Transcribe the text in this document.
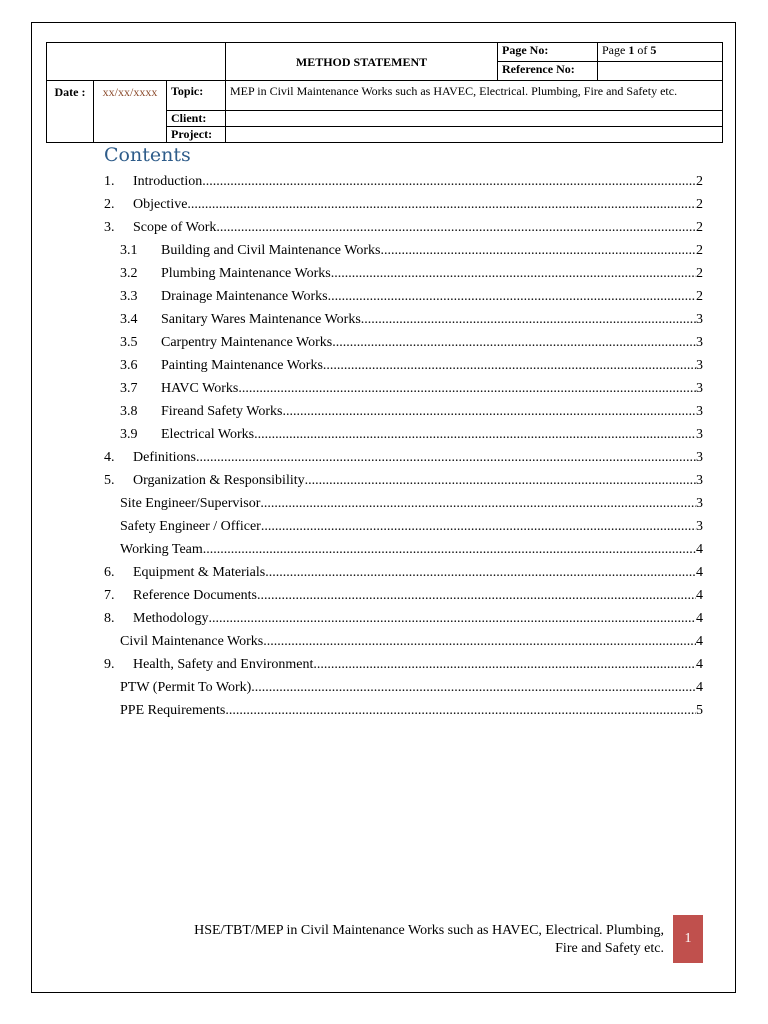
			METHOD STATEMENT	Page No:	Page 1 of 5
				Reference No:	
Date :	xx/xx/xxxx	Topic:	MEP in Civil Maintenance Works such as HAVEC, Electrical. Plumbing, Fire and Safety etc.		
		Client:			
		Project:			
Contents
1.	Introduction .....	2
2.	Objective .....	2
3.	Scope of Work .....	2
3.1	Building and Civil Maintenance Works .....	2
3.2	Plumbing Maintenance Works .....	2
3.3	Drainage Maintenance Works .....	2
3.4	Sanitary Wares Maintenance Works .....	3
3.5	Carpentry Maintenance Works .....	3
3.6	Painting Maintenance Works .....	3
3.7	HAVC Works .....	3
3.8	Fireand Safety Works .....	3
3.9	Electrical Works .....	3
4.	Definitions .....	3
5.	Organization & Responsibility .....	3
Site Engineer/Supervisor .....	3
Safety Engineer / Officer .....	3
Working Team .....	4
6.	Equipment & Materials .....	4
7.	Reference Documents .....	4
8.	Methodology .....	4
Civil Maintenance Works .....	4
9.	Health, Safety and Environment .....	4
PTW (Permit To Work) .....	4
PPE Requirements .....	5
HSE/TBT/MEP in Civil Maintenance Works such as HAVEC, Electrical. Plumbing,
Fire and Safety etc.
1
